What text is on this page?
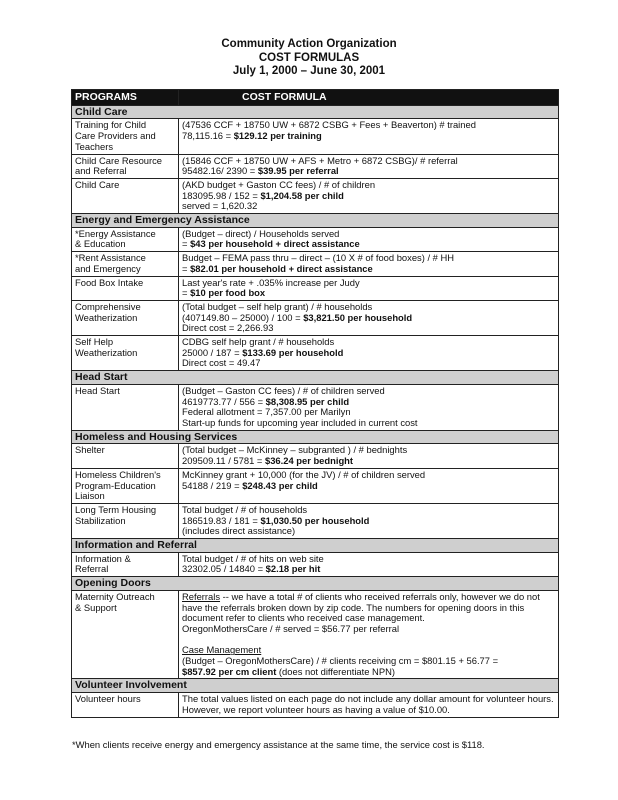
Community Action Organization
COST FORMULAS
July 1, 2000 – June 30, 2001
PROGRAMS	COST FORMULA
Child Care	

Training for Child
Care Providers and
Teachers	(47536 CCF + 18750 UW + 6872 CSBG + Fees + Beaverton) # trained
78,115.16 = $129.12 per training

Child Care Resource
and Referral	(15846 CCF + 18750 UW + AFS + Metro + 6872 CSBG)/ # referral
95482.16/ 2390 = $39.95 per referral

Child Care	(AKD budget + Gaston CC fees) / # of children
183095.98 / 152 = $1,204.58 per child
served = 1,620.32

Energy and Emergency Assistance	

*Energy Assistance
& Education	(Budget – direct) / Households served
= $43 per household + direct assistance

*Rent Assistance
and Emergency	Budget – FEMA pass thru – direct – (10 X # of food boxes) / # HH
= $82.01 per household + direct assistance

Food Box Intake	Last year's rate + .035% increase per Judy
= $10 per food box

Comprehensive
Weatherization	(Total budget – self help grant) / # households
(407149.80 – 25000) / 100 = $3,821.50 per household
Direct cost = 2,266.93

Self Help
Weatherization	CDBG self help grant / # households
25000 / 187 = $133.69 per household
Direct cost = 49.47

Head Start	

Head Start	(Budget – Gaston CC fees) / # of children served
4619773.77 / 556 = $8,308.95 per child
Federal allotment = 7,357.00 per Marilyn
Start-up funds for upcoming year included in current cost

Homeless and Housing Services	

Shelter	(Total budget – McKinney – subgranted ) / # bednights
209509.11 / 5781 = $36.24 per bednight

Homeless Children's
Program-Education
Liaison	McKinney grant + 10,000 (for the JV) / # of children served
54188 / 219 = $248.43 per child

Long Term Housing
Stabilization	Total budget / # of households
186519.83 / 181 = $1,030.50 per household
(includes direct assistance)

Information and Referral	

Information &
Referral	Total budget / # of hits on web site
32302.05 / 14840 = $2.18 per hit

Opening Doors	

Maternity Outreach
& Support	Referrals -- we have a total # of clients who received referrals only, however we do not have the referrals broken down by zip code. The numbers for opening doors in this document refer to clients who received case management.
OregonMothersCare / # served = $56.77 per referral
Case Management
(Budget – OregonMothersCare) / # clients receiving cm = $801.15 + 56.77 =
$857.92 per cm client (does not differentiate NPN)

Volunteer Involvement	

Volunteer hours	The total values listed on each page do not include any dollar amount for volunteer hours. However, we report volunteer hours as having a value of $10.00.
*When clients receive energy and emergency assistance at the same time, the service cost is $118.
